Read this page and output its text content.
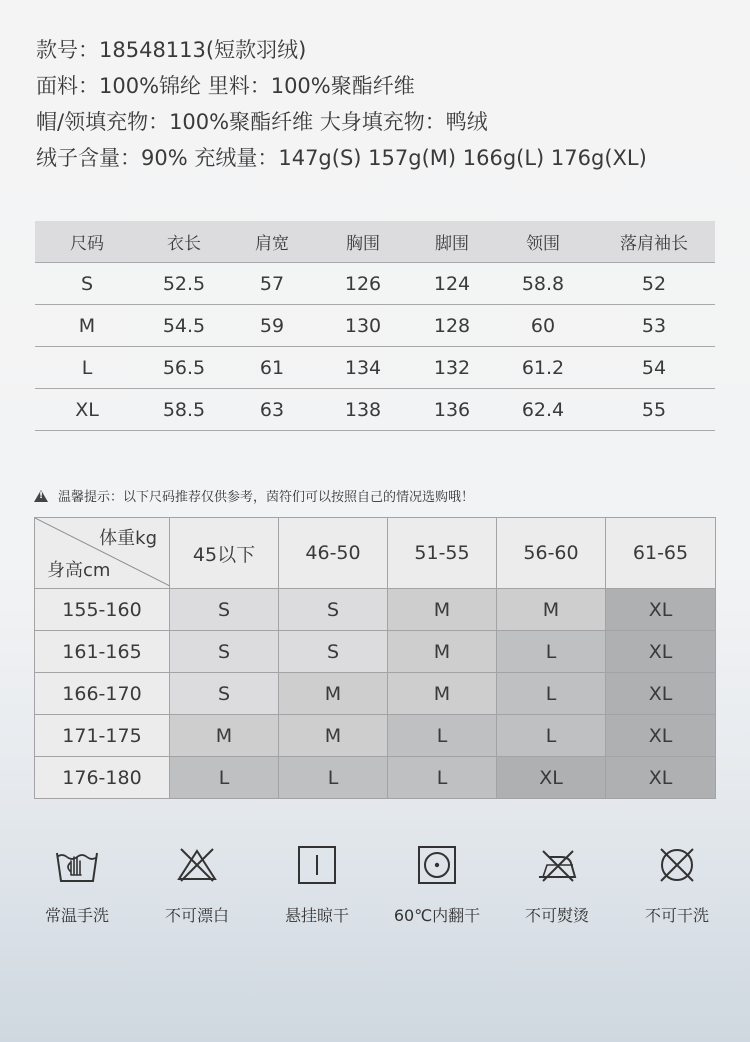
款号：18548113(短款羽绒)
面料：100%锦纶 里料：100%聚酯纤维
帽/领填充物：100%聚酯纤维 大身填充物：鸭绒
绒子含量：90% 充绒量：147g(S) 157g(M) 166g(L) 176g(XL)
尺码	衣长	肩宽	胸围	脚围	领围	落肩袖长
S	52.5	57	126	124	58.8	52
M	54.5	59	130	128	60	53
L	56.5	61	134	132	61.2	54
XL	58.5	63	138	136	62.4	55
!
温馨提示：以下尺码推荐仅供参考，茵符们可以按照自己的情况选购哦！
体重kg
身高cm	45以下	46-50	51-55	56-60	61-65
155-160	S	S	M	M	XL
161-165	S	S	M	L	XL
166-170	S	M	M	L	XL
171-175	M	M	L	L	XL
176-180	L	L	L	XL	XL
常温手洗	不可漂白	悬挂晾干	60℃内翻干	不可熨烫	不可干洗
